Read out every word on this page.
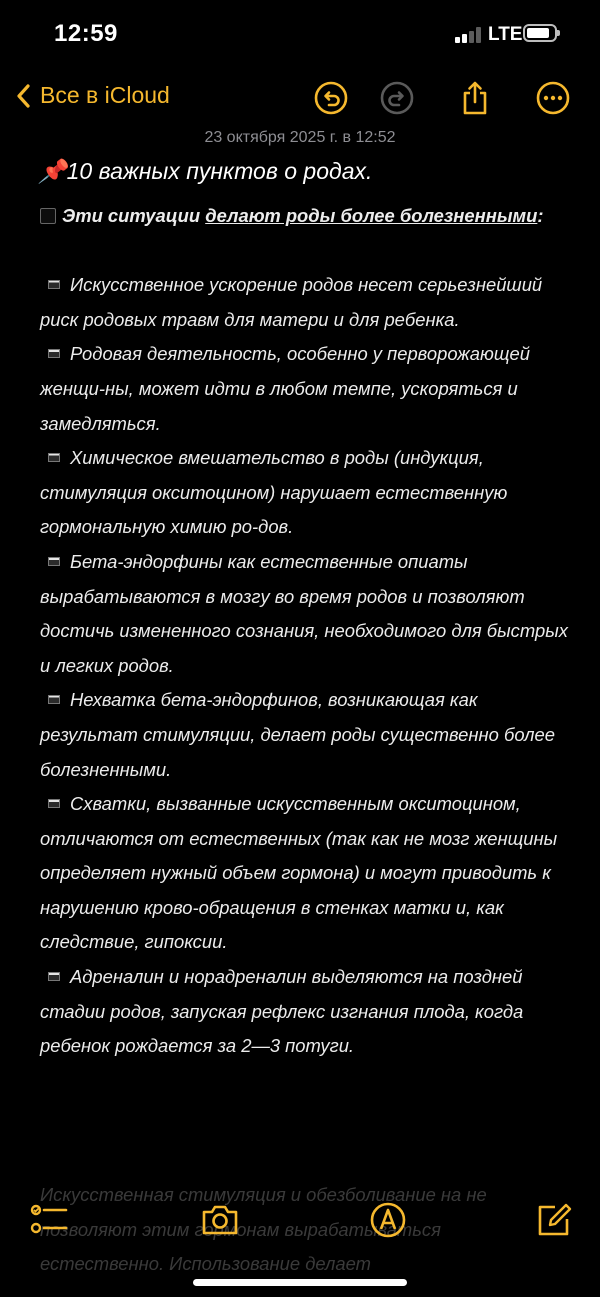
12:59	LTE
Все в iCloud
23 октября 2025 г. в 12:52
📌10 важных пунктов о родах.
Эти ситуации делают роды более болезненными:
Искусственное ускорение родов несет серьезнейший риск родовых травм для матери и для ребенка.
Родовая деятельность, особенно у перворожающей женщи-ны, может идти в любом темпе, ускоряться и замедляться.
Химическое вмешательство в роды (индукция, стимуляция окситоцином) нарушает естественную гормональную химию ро-дов.
Бета-эндорфины как естественные опиаты вырабатываются в мозгу во время родов и позволяют достичь измененного сознания, необходимого для быстрых и легких родов.
Нехватка бета-эндорфинов, возникающая как результат стимуляции, делает роды существенно более болезненными.
Схватки, вызванные искусственным окситоцином, отличаются от естественных (так как не мозг женщины определяет нужный объем гормона) и могут приводить к нарушению крово-обращения в стенках матки и, как следствие, гипоксии.
Адреналин и норадреналин выделяются на поздней стадии родов, запуская рефлекс изгнания плода, когда ребенок рождается за 2—3 потуги.
Искусственная стимуляция и обезболивание на не позволяют этим гормонам вырабатываться естественно. Использование делает
